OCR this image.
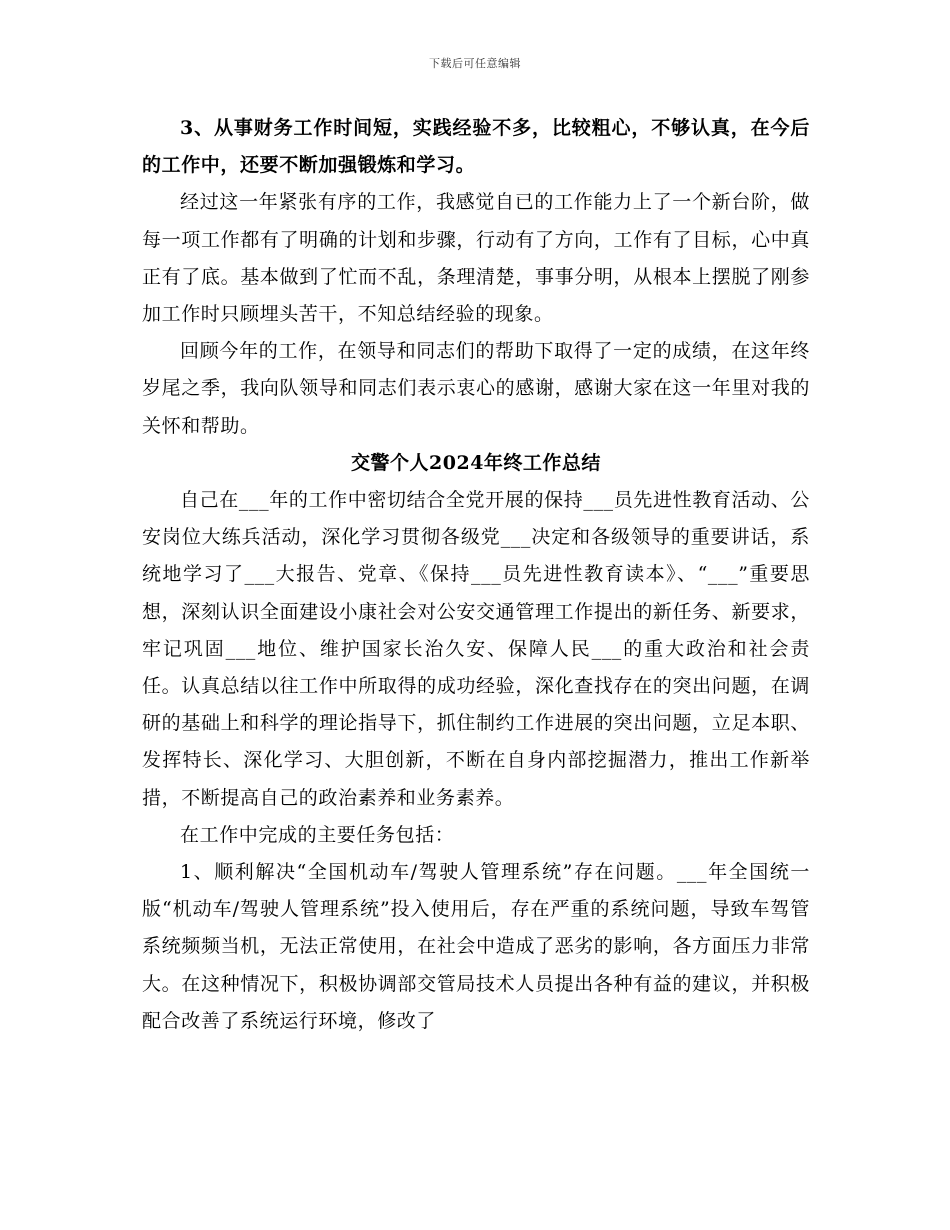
下载后可任意编辑

3、从事财务工作时间短，实践经验不多，比较粗心，不够认真，在今后的工作中，还要不断加强锻炼和学习。

经过这一年紧张有序的工作，我感觉自已的工作能力上了一个新台阶，做每一项工作都有了明确的计划和步骤，行动有了方向，工作有了目标，心中真正有了底。基本做到了忙而不乱，条理清楚，事事分明，从根本上摆脱了刚参加工作时只顾埋头苦干，不知总结经验的现象。

回顾今年的工作，在领导和同志们的帮助下取得了一定的成绩，在这年终岁尾之季，我向队领导和同志们表示衷心的感谢，感谢大家在这一年里对我的关怀和帮助。

交警个人2024年终工作总结

自己在___年的工作中密切结合全党开展的保持___员先进性教育活动、公安岗位大练兵活动，深化学习贯彻各级党___决定和各级领导的重要讲话，系统地学习了___大报告、党章、《保持___员先进性教育读本》、“___”重要思想，深刻认识全面建设小康社会对公安交通管理工作提出的新任务、新要求，牢记巩固___地位、维护国家长治久安、保障人民___的重大政治和社会责任。认真总结以往工作中所取得的成功经验，深化查找存在的突出问题，在调研的基础上和科学的理论指导下，抓住制约工作进展的突出问题，立足本职、发挥特长、深化学习、大胆创新，不断在自身内部挖掘潜力，推出工作新举措，不断提高自己的政治素养和业务素养。

在工作中完成的主要任务包括：

1、顺利解决“全国机动车/驾驶人管理系统”存在问题。___年全国统一版“机动车/驾驶人管理系统”投入使用后，存在严重的系统问题，导致车驾管系统频频当机，无法正常使用，在社会中造成了恶劣的影响，各方面压力非常大。在这种情况下，积极协调部交管局技术人员提出各种有益的建议，并积极配合改善了系统运行环境，修改了
